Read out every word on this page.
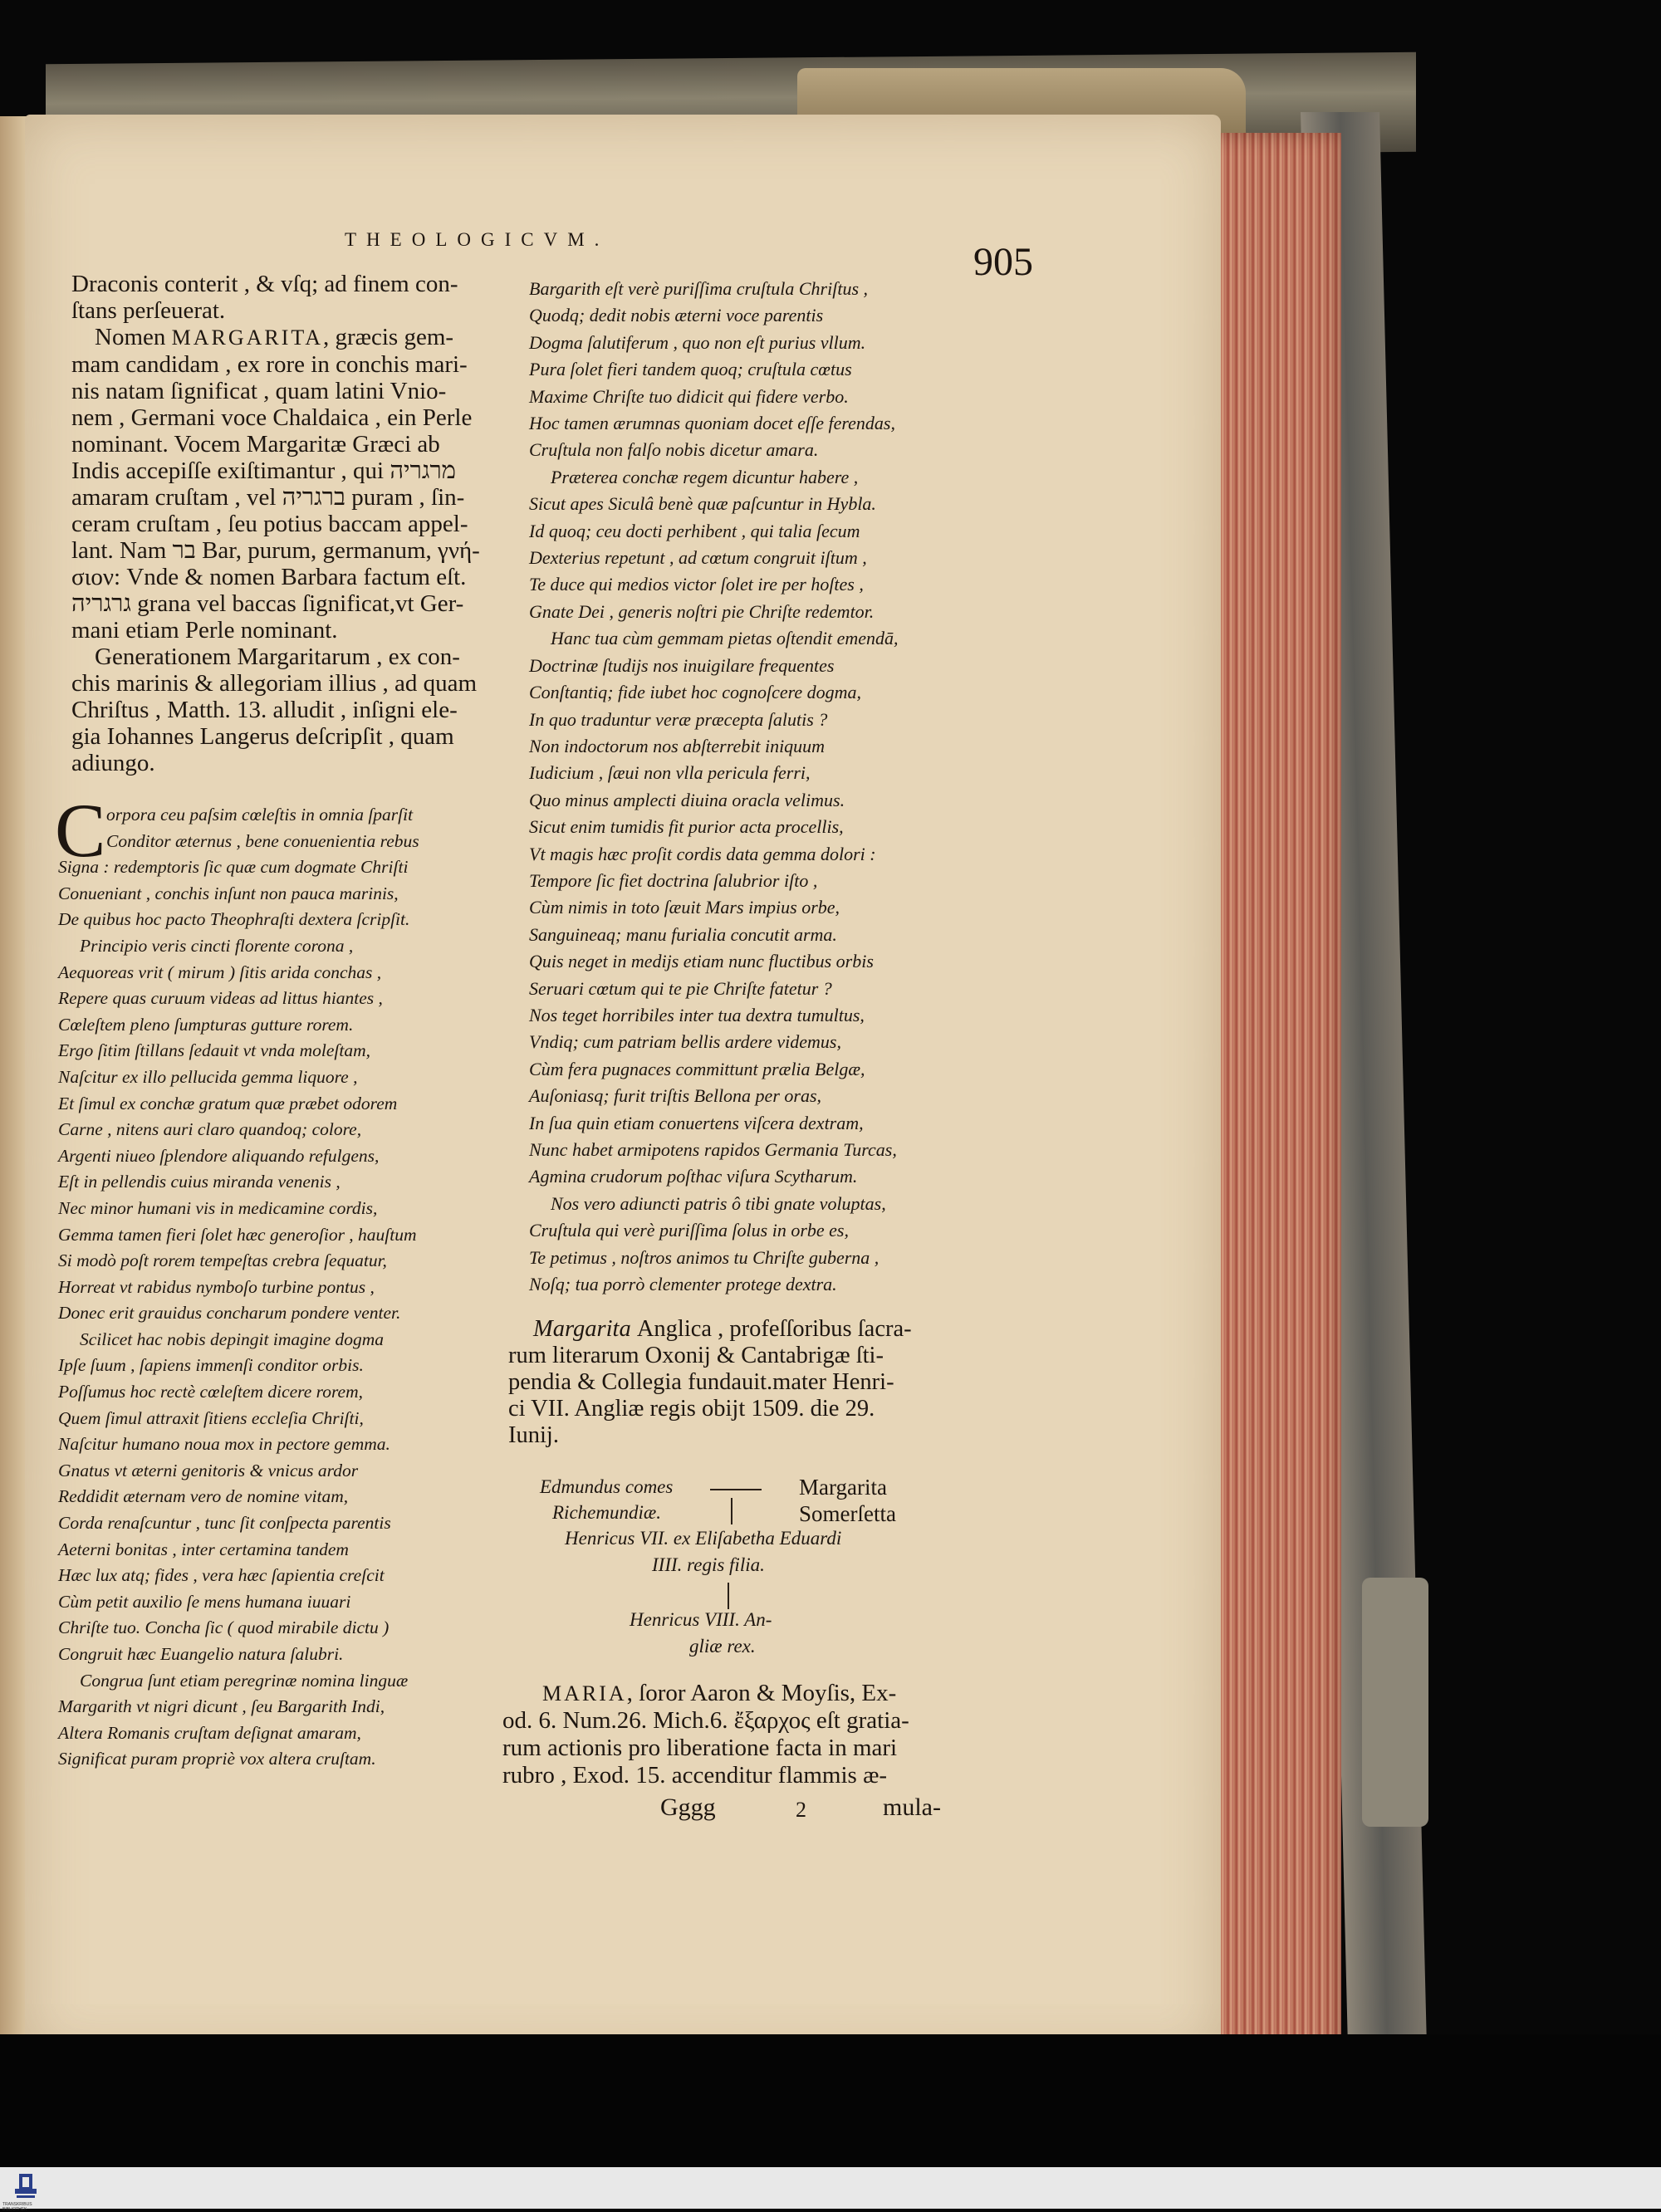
THEOLOGICVM.
905

Draconis conterit , & vſq; ad finem con-

ſtans perſeuerat.

Nomen MARGARITA, græcis gem-

mam candidam , ex rore in conchis mari-

nis natam ſignificat , quam latini Vnio-

nem , Germani voce Chaldaica , ein Perle

nominant. Vocem Margaritæ Græci ab

Indis accepiſſe exiſtimantur , qui מרגריה

amaram cruſtam , vel ברגריה puram , ſin-

ceram cruſtam , ſeu potius baccam appel-

lant. Nam בר Bar, purum, germanum, γνή-

σιον: Vnde & nomen Barbara factum eſt.

גרגריה grana vel baccas ſignificat,vt Ger-

mani etiam Perle nominant.

Generationem Margaritarum , ex con-

chis marinis & allegoriam illius , ad quam

Chriſtus , Matth. 13. alludit , inſigni ele-

gia Iohannes Langerus deſcripſit , quam

adiungo.

C orpora ceu paſsim cœleſtis in omnia ſparſit

Conditor æternus , bene conuenientia rebus

Signa : redemptoris ſic quæ cum dogmate Chriſti

Conueniant , conchis inſunt non pauca marinis,

De quibus hoc pacto Theophraſti dextera ſcripſit.

Principio veris cincti florente corona ,

Aequoreas vrit ( mirum ) ſitis arida conchas ,

Repere quas curuum videas ad littus hiantes ,

Cœleſtem pleno ſumpturas gutture rorem.

Ergo ſitim ſtillans ſedauit vt vnda moleſtam,

Naſcitur ex illo pellucida gemma liquore ,

Et ſimul ex conchæ gratum quæ præbet odorem

Carne , nitens auri claro quandoq; colore,

Argenti niueo ſplendore aliquando refulgens,

Eſt in pellendis cuius miranda venenis ,

Nec minor humani vis in medicamine cordis,

Gemma tamen fieri ſolet hæc generoſior , hauſtum

Si modò poſt rorem tempeſtas crebra ſequatur,

Horreat vt rabidus nymboſo turbine pontus ,

Donec erit grauidus concharum pondere venter.

Scilicet hac nobis depingit imagine dogma

Ipſe ſuum , ſapiens immenſi conditor orbis.

Poſſumus hoc rectè cœleſtem dicere rorem,

Quem ſimul attraxit ſitiens eccleſia Chriſti,

Naſcitur humano noua mox in pectore gemma.

Gnatus vt æterni genitoris & vnicus ardor

Reddidit æternam vero de nomine vitam,

Corda renaſcuntur , tunc ſit conſpecta parentis

Aeterni bonitas , inter certamina tandem

Hæc lux atq; fides , vera hæc ſapientia creſcit

Cùm petit auxilio ſe mens humana iuuari

Chriſte tuo. Concha ſic ( quod mirabile dictu )

Congruit hæc Euangelio natura ſalubri.

Congrua ſunt etiam peregrinæ nomina linguæ

Margarith vt nigri dicunt , ſeu Bargarith Indi,

Altera Romanis cruſtam deſignat amaram,

Significat puram propriè vox altera cruſtam.

Bargarith eſt verè puriſſima cruſtula Chriſtus ,

Quodq; dedit nobis æterni voce parentis

Dogma ſalutiferum , quo non eſt purius vllum.

Pura ſolet fieri tandem quoq; cruſtula cœtus

Maxime Chriſte tuo didicit qui fidere verbo.

Hoc tamen ærumnas quoniam docet eſſe ferendas,

Cruſtula non falſo nobis dicetur amara.

Præterea conchæ regem dicuntur habere ,

Sicut apes Siculâ benè quæ paſcuntur in Hybla.

Id quoq; ceu docti perhibent , qui talia ſecum

Dexterius repetunt , ad cœtum congruit iſtum ,

Te duce qui medios victor ſolet ire per hoſtes ,

Gnate Dei , generis noſtri pie Chriſte redemtor.

Hanc tua cùm gemmam pietas oſtendit emendā,

Doctrinæ ſtudijs nos inuigilare frequentes

Conſtantiq; fide iubet hoc cognoſcere dogma,

In quo traduntur veræ præcepta ſalutis ?

Non indoctorum nos abſterrebit iniquum

Iudicium , ſæui non vlla pericula ferri,

Quo minus amplecti diuina oracla velimus.

Sicut enim tumidis fit purior acta procellis,

Vt magis hæc proſit cordis data gemma dolori :

Tempore ſic fiet doctrina ſalubrior iſto ,

Cùm nimis in toto ſæuit Mars impius orbe,

Sanguineaq; manu furialia concutit arma.

Quis neget in medijs etiam nunc fluctibus orbis

Seruari cœtum qui te pie Chriſte fatetur ?

Nos teget horribiles inter tua dextra tumultus,

Vndiq; cum patriam bellis ardere videmus,

Cùm fera pugnaces committunt prælia Belgæ,

Auſoniasq; furit triſtis Bellona per oras,

In ſua quin etiam conuertens viſcera dextram,

Nunc habet armipotens rapidos Germania Turcas,

Agmina crudorum poſthac viſura Scytharum.

Nos vero adiuncti patris ô tibi gnate voluptas,

Cruſtula qui verè puriſſima ſolus in orbe es,

Te petimus , noſtros animos tu Chriſte guberna ,

Noſq; tua porrò clementer protege dextra.

Margarita Anglica , profeſſoribus ſacra-

rum literarum Oxonij & Cantabrigæ ſti-

pendia & Collegia fundauit.mater Henri-

ci VII. Angliæ regis obijt 1509. die 29.

Iunij.

Edmundus comes
Richemundiæ.
Margarita
Somerſetta
Henricus VII. ex Eliſabetha Eduardi
IIII. regis filia.
Henricus VIII. An-
gliæ rex.

MARIA, ſoror Aaron & Moyſis, Ex-

od. 6. Num.26. Mich.6. ἔξαρχος eſt gratia-

rum actionis pro liberatione facta in mari

rubro , Exod. 15. accenditur flammis æ-

Gggg	2	mula-
TRANSKRIBUS BIBLIOTHEK
